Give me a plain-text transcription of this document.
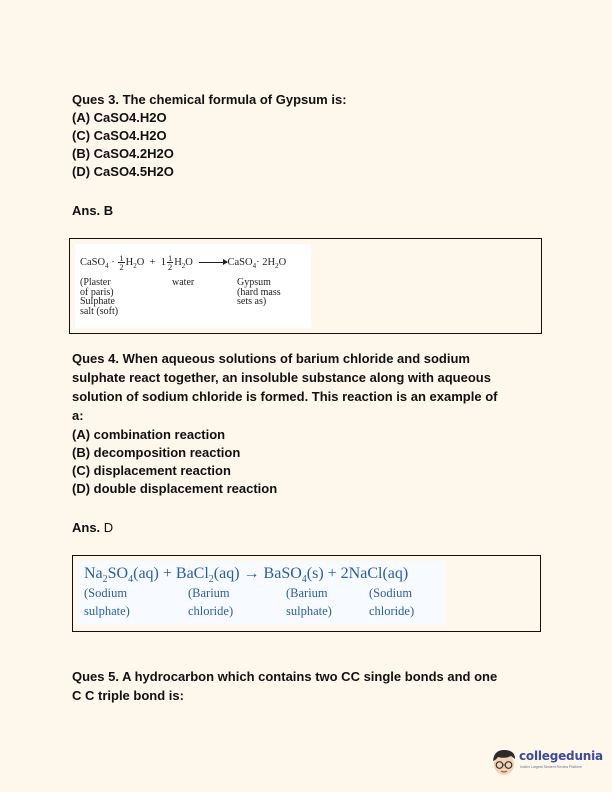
Ques 3. The chemical formula of Gypsum is:
(A) CaSO4.H2O
(C) CaSO4.H2O
(B) CaSO4.2H2O
(D) CaSO4.5H2O
Ans. B
CaSO$_4$ · $\frac{1}{2} H_2O + 1 \frac{1}{2} H_2O$ →CaSO$_4$· $2H_2O$
(Plaster
of paris)
Sulphate
salt (soft)
water	Gypsum
(hard mass
sets as)
Ques 4. When aqueous solutions of barium chloride and sodium
sulphate react together, an insoluble substance along with aqueous
solution of sodium chloride is formed. This reaction is an example of
a:
(A) combination reaction
(B) decomposition reaction
(C) displacement reaction
(D) double displacement reaction
Ans. D
$Na_2SO_4(aq)$ + BaCl$_2$(aq) → BaSO$_4$(s) + 2NaCl(aq)
(Sodium
sulphate)
(Barium
chloride)
(Barium
sulphate)
(Sodium
chloride)
Ques 5. A hydrocarbon which contains two CC single bonds and one
C C triple bond is:
collegedunia
India's Largest Student Review Platform
